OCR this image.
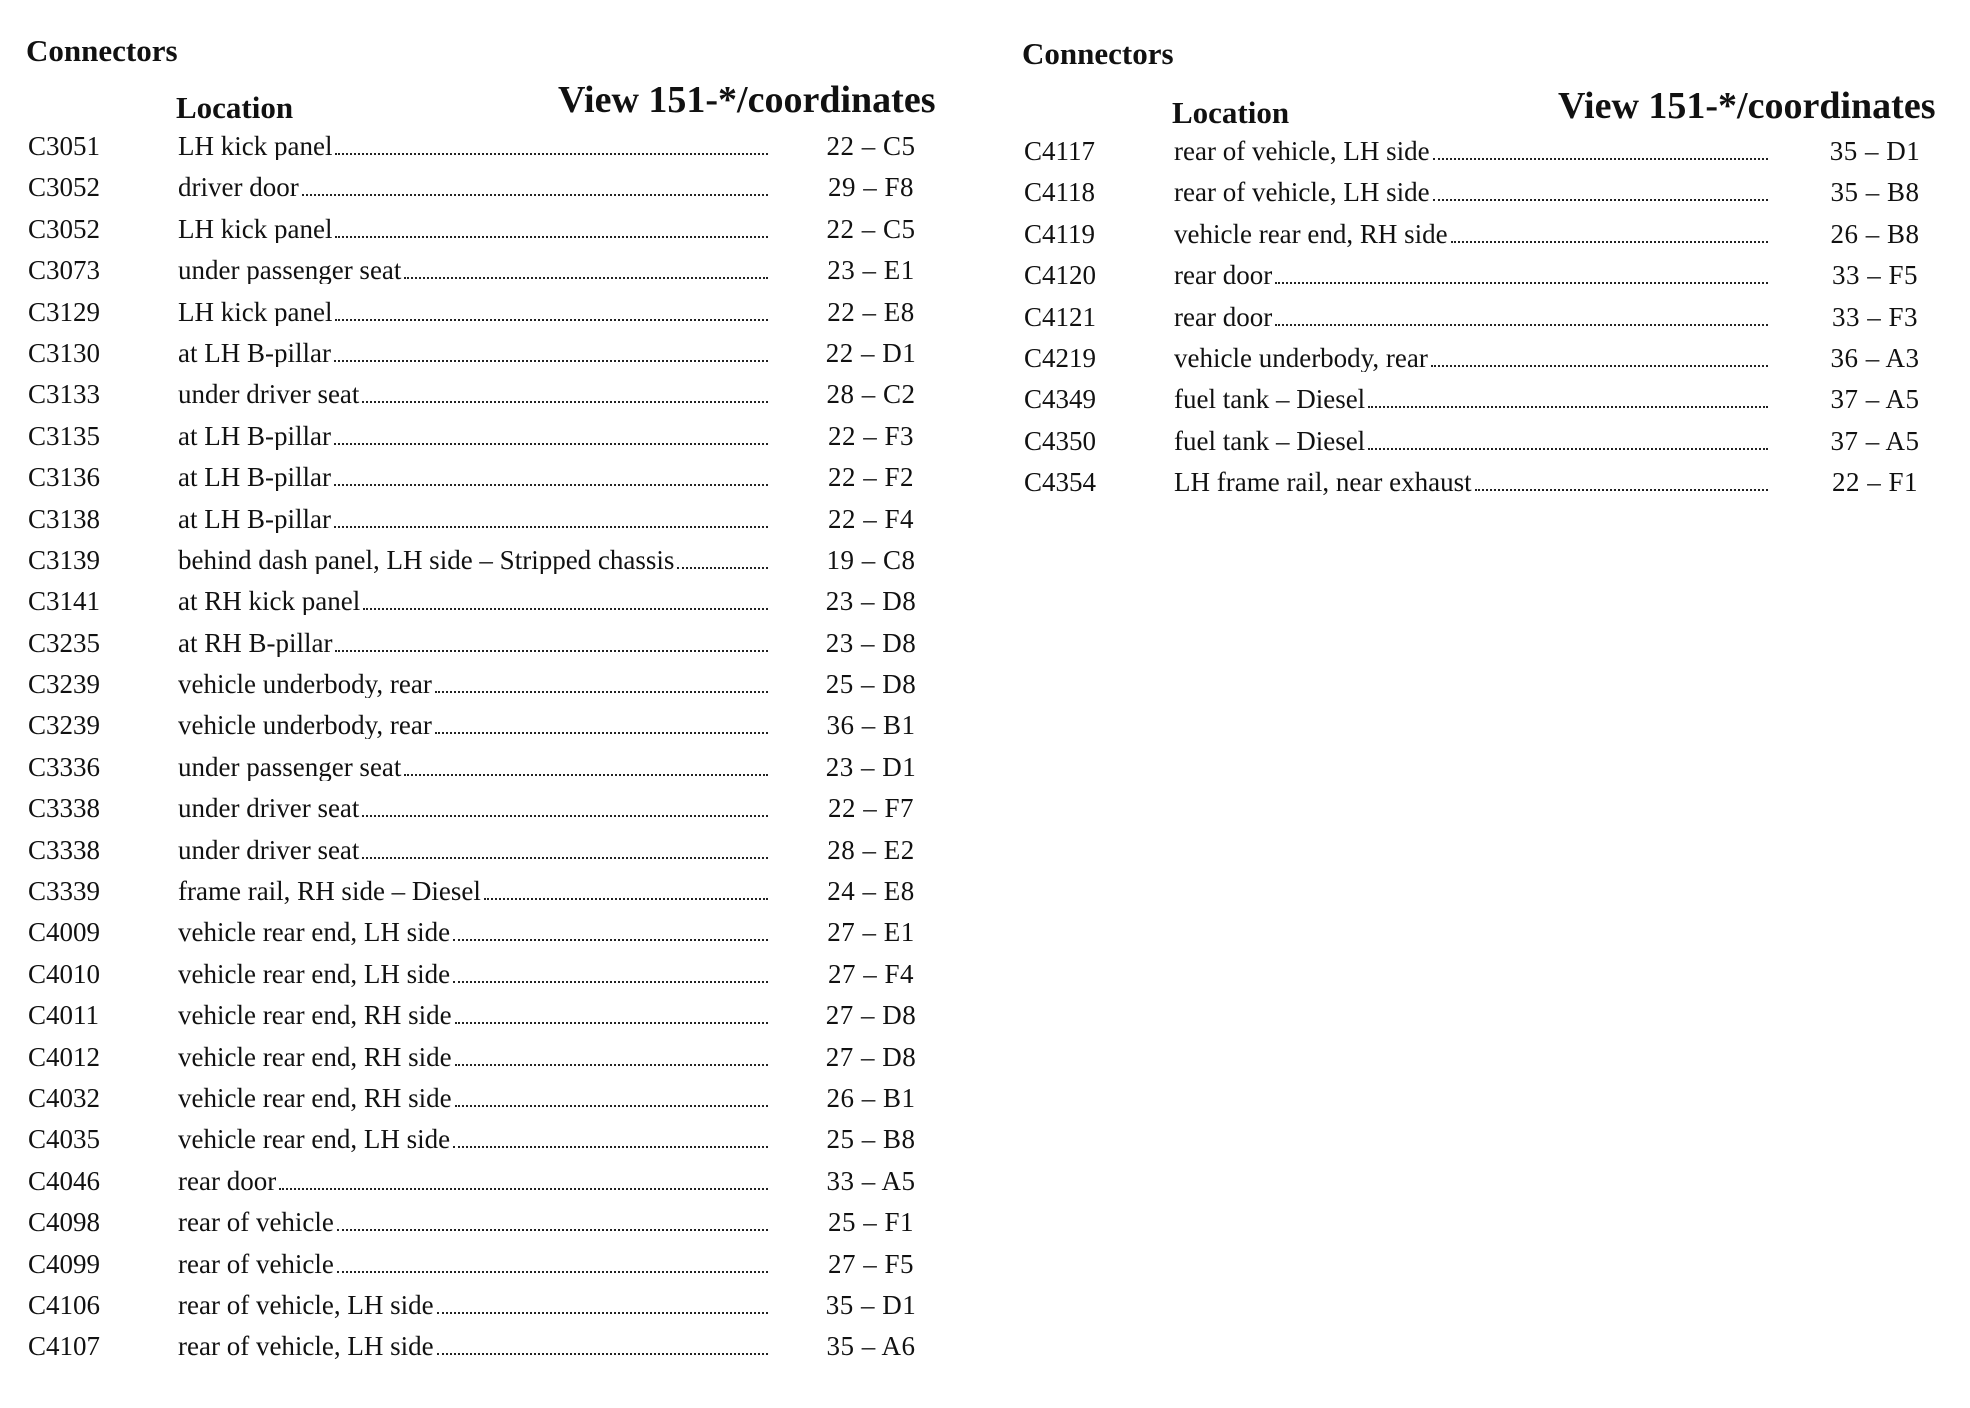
Connectors
Location	View 151-*/coordinates
C3051	LH kick panel	22 – C5
C3052	driver door	29 – F8
C3052	LH kick panel	22 – C5
C3073	under passenger seat	23 – E1
C3129	LH kick panel	22 – E8
C3130	at LH B-pillar	22 – D1
C3133	under driver seat	28 – C2
C3135	at LH B-pillar	22 – F3
C3136	at LH B-pillar	22 – F2
C3138	at LH B-pillar	22 – F4
C3139	behind dash panel, LH side – Stripped chassis	19 – C8
C3141	at RH kick panel	23 – D8
C3235	at RH B-pillar	23 – D8
C3239	vehicle underbody, rear	25 – D8
C3239	vehicle underbody, rear	36 – B1
C3336	under passenger seat	23 – D1
C3338	under driver seat	22 – F7
C3338	under driver seat	28 – E2
C3339	frame rail, RH side – Diesel	24 – E8
C4009	vehicle rear end, LH side	27 – E1
C4010	vehicle rear end, LH side	27 – F4
C4011	vehicle rear end, RH side	27 – D8
C4012	vehicle rear end, RH side	27 – D8
C4032	vehicle rear end, RH side	26 – B1
C4035	vehicle rear end, LH side	25 – B8
C4046	rear door	33 – A5
C4098	rear of vehicle	25 – F1
C4099	rear of vehicle	27 – F5
C4106	rear of vehicle, LH side	35 – D1
C4107	rear of vehicle, LH side	35 – A6
Connectors
Location	View 151-*/coordinates
C4117	rear of vehicle, LH side	35 – D1
C4118	rear of vehicle, LH side	35 – B8
C4119	vehicle rear end, RH side	26 – B8
C4120	rear door	33 – F5
C4121	rear door	33 – F3
C4219	vehicle underbody, rear	36 – A3
C4349	fuel tank – Diesel	37 – A5
C4350	fuel tank – Diesel	37 – A5
C4354	LH frame rail, near exhaust	22 – F1
